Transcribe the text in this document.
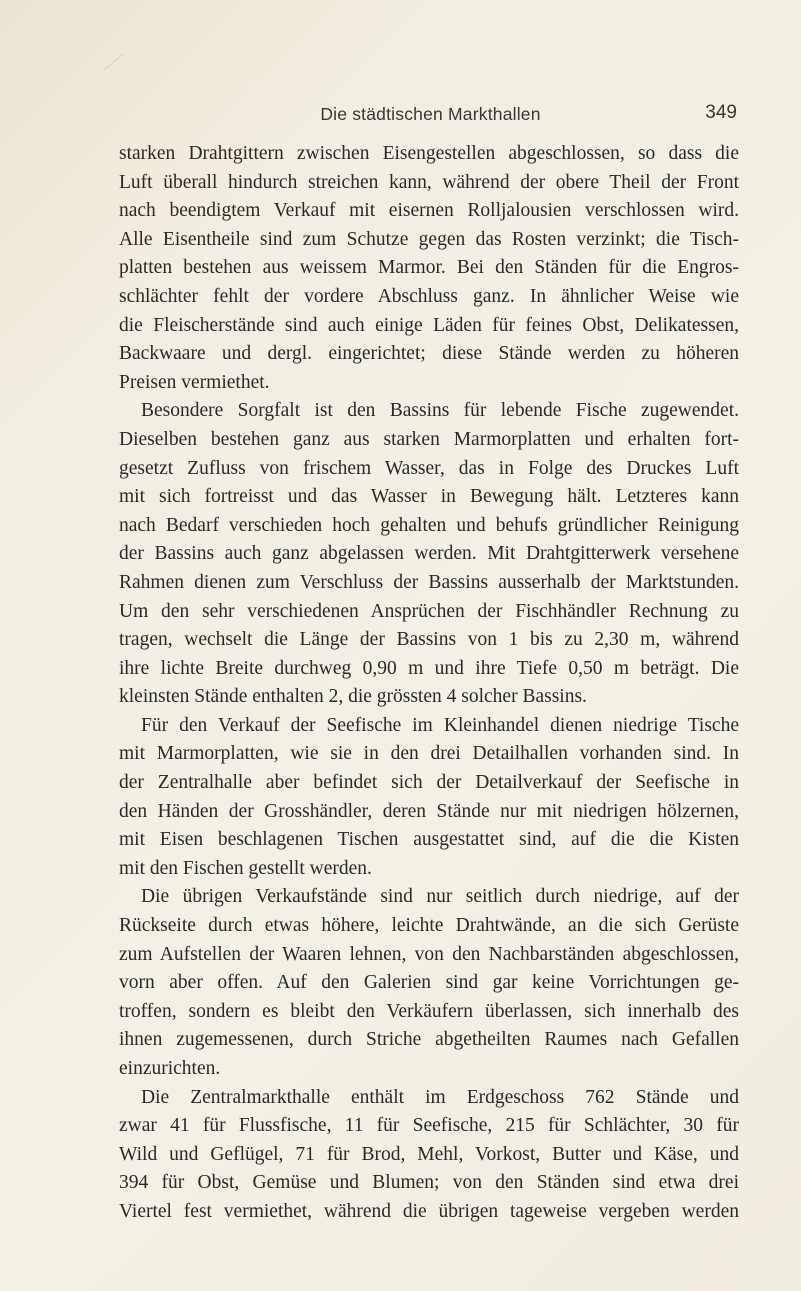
Die städtischen Markthallen	349

starken Drahtgittern zwischen Eisengestellen abgeschlossen, so dass die
Luft überall hindurch streichen kann, während der obere Theil der Front
nach beendigtem Verkauf mit eisernen Rolljalousien verschlossen wird.
Alle Eisentheile sind zum Schutze gegen das Rosten verzinkt; die Tisch-
platten bestehen aus weissem Marmor. Bei den Ständen für die Engros-
schlächter fehlt der vordere Abschluss ganz. In ähnlicher Weise wie
die Fleischerstände sind auch einige Läden für feines Obst, Delikatessen,
Backwaare und dergl. eingerichtet; diese Stände werden zu höheren
Preisen vermiethet.

Besondere Sorgfalt ist den Bassins für lebende Fische zugewendet.
Dieselben bestehen ganz aus starken Marmorplatten und erhalten fort-
gesetzt Zufluss von frischem Wasser, das in Folge des Druckes Luft
mit sich fortreisst und das Wasser in Bewegung hält. Letzteres kann
nach Bedarf verschieden hoch gehalten und behufs gründlicher Reinigung
der Bassins auch ganz abgelassen werden. Mit Drahtgitterwerk versehene
Rahmen dienen zum Verschluss der Bassins ausserhalb der Marktstunden.
Um den sehr verschiedenen Ansprüchen der Fischhändler Rechnung zu
tragen, wechselt die Länge der Bassins von 1 bis zu 2,30 m, während
ihre lichte Breite durchweg 0,90 m und ihre Tiefe 0,50 m beträgt. Die
kleinsten Stände enthalten 2, die grössten 4 solcher Bassins.

Für den Verkauf der Seefische im Kleinhandel dienen niedrige Tische
mit Marmorplatten, wie sie in den drei Detailhallen vorhanden sind. In
der Zentralhalle aber befindet sich der Detailverkauf der Seefische in
den Händen der Grosshändler, deren Stände nur mit niedrigen hölzernen,
mit Eisen beschlagenen Tischen ausgestattet sind, auf die die Kisten
mit den Fischen gestellt werden.

Die übrigen Verkaufstände sind nur seitlich durch niedrige, auf der
Rückseite durch etwas höhere, leichte Drahtwände, an die sich Gerüste
zum Aufstellen der Waaren lehnen, von den Nachbarständen abgeschlossen,
vorn aber offen. Auf den Galerien sind gar keine Vorrichtungen ge-
troffen, sondern es bleibt den Verkäufern überlassen, sich innerhalb des
ihnen zugemessenen, durch Striche abgetheilten Raumes nach Gefallen
einzurichten.

Die Zentralmarkthalle enthält im Erdgeschoss 762 Stände und
zwar 41 für Flussfische, 11 für Seefische, 215 für Schlächter, 30 für
Wild und Geflügel, 71 für Brod, Mehl, Vorkost, Butter und Käse, und
394 für Obst, Gemüse und Blumen; von den Ständen sind etwa drei
Viertel fest vermiethet, während die übrigen tageweise vergeben werden
